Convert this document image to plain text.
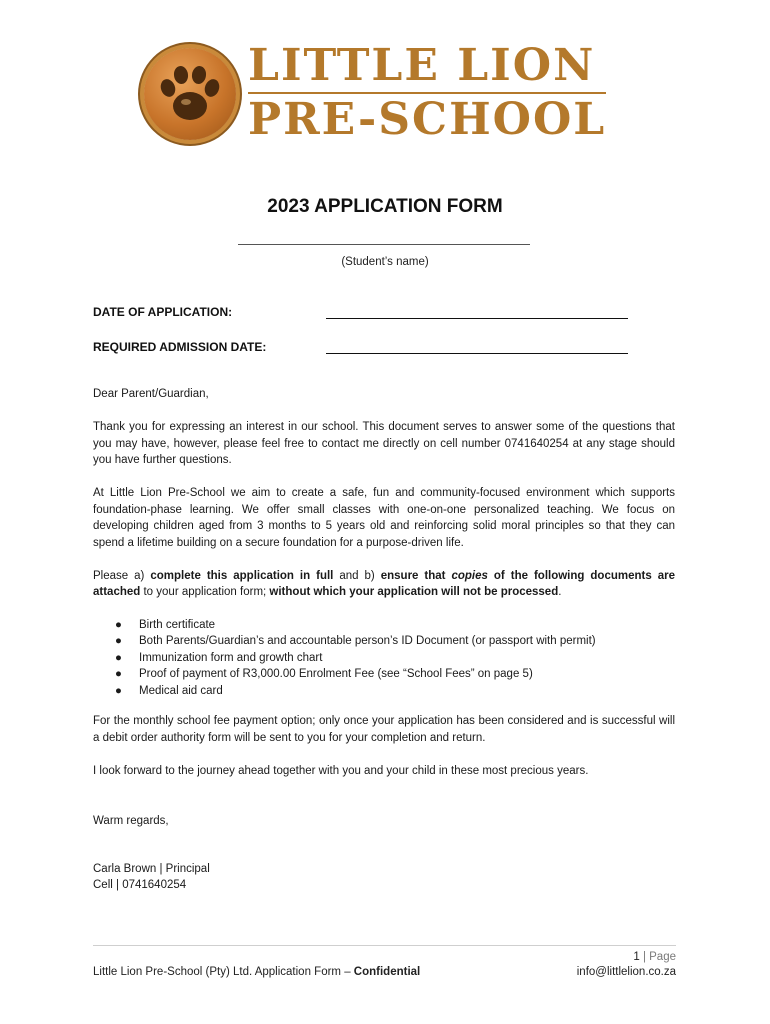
LITTLE LION
PRE-SCHOOL
2023 APPLICATION FORM
(Student’s name)
DATE OF APPLICATION:
REQUIRED ADMISSION DATE:

Dear Parent/Guardian,

Thank you for expressing an interest in our school. This document serves to answer some of the questions that you may have, however, please feel free to contact me directly on cell number 0741640254 at any stage should you have further questions.

At Little Lion Pre-School we aim to create a safe, fun and community-focused environment which supports foundation-phase learning. We offer small classes with one-on-one personalized teaching. We focus on developing children aged from 3 months to 5 years old and reinforcing solid moral principles so that they can spend a lifetime building on a secure foundation for a purpose-driven life.

Please a) complete this application in full and b) ensure that copies of the following documents are attached to your application form; without which your application will not be processed.

● Birth certificate
● Both Parents/Guardian’s and accountable person’s ID Document (or passport with permit)
● Immunization form and growth chart
● Proof of payment of R3,000.00 Enrolment Fee (see “School Fees” on page 5)
● Medical aid card

For the monthly school fee payment option; only once your application has been considered and is successful will a debit order authority form will be sent to you for your completion and return.

I look forward to the journey ahead together with you and your child in these most precious years.

Warm regards,
Carla Brown | Principal
Cell | 0741640254
1 | Page
Little Lion Pre-School (Pty) Ltd. Application Form – Confidential	info@littlelion.co.za
